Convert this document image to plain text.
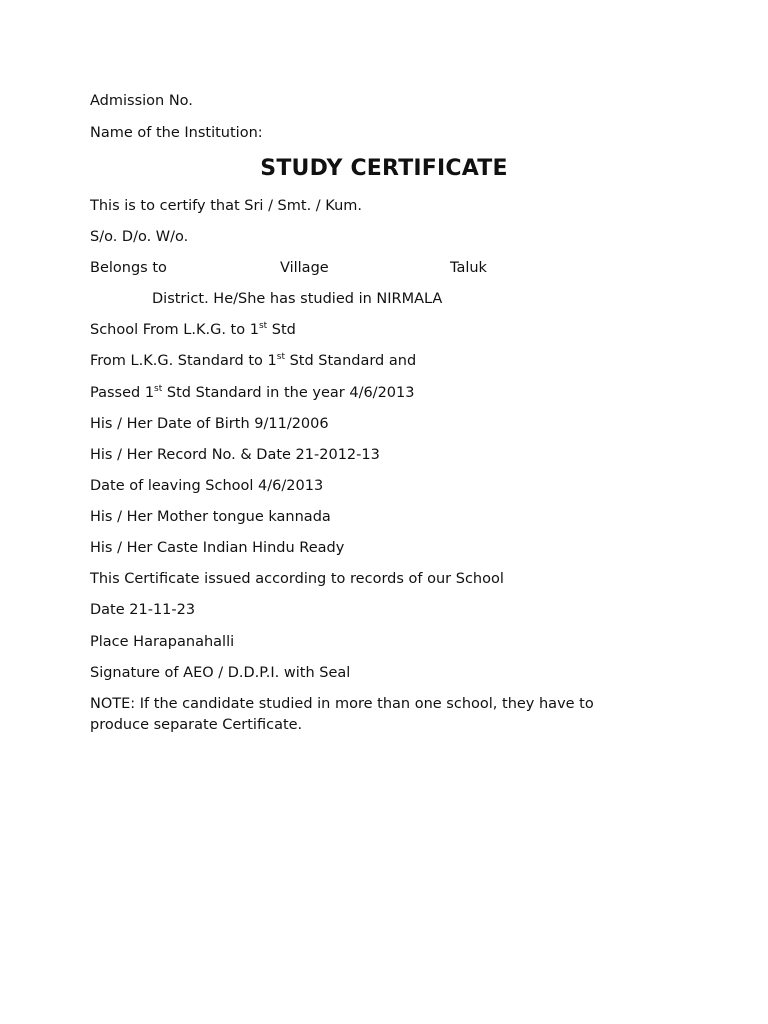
Admission No.
Name of the Institution:
STUDY CERTIFICATE
This is to certify that Sri / Smt. / Kum.
S/o. D/o. W/o.
Belongs to	Village	Taluk
District. He/She has studied in NIRMALA
School From L.K.G. to 1st Std
From L.K.G. Standard to 1st Std Standard and
Passed 1st Std Standard in the year 4/6/2013
His / Her Date of Birth 9/11/2006
His / Her Record No. & Date 21-2012-13
Date of leaving School 4/6/2013
His / Her Mother tongue kannada
His / Her Caste Indian Hindu Ready
This Certificate issued according to records of our School
Date 21-11-23
Place Harapanahalli
Signature of AEO / D.D.P.I. with Seal
NOTE: If the candidate studied in more than one school, they have to produce separate Certificate.
